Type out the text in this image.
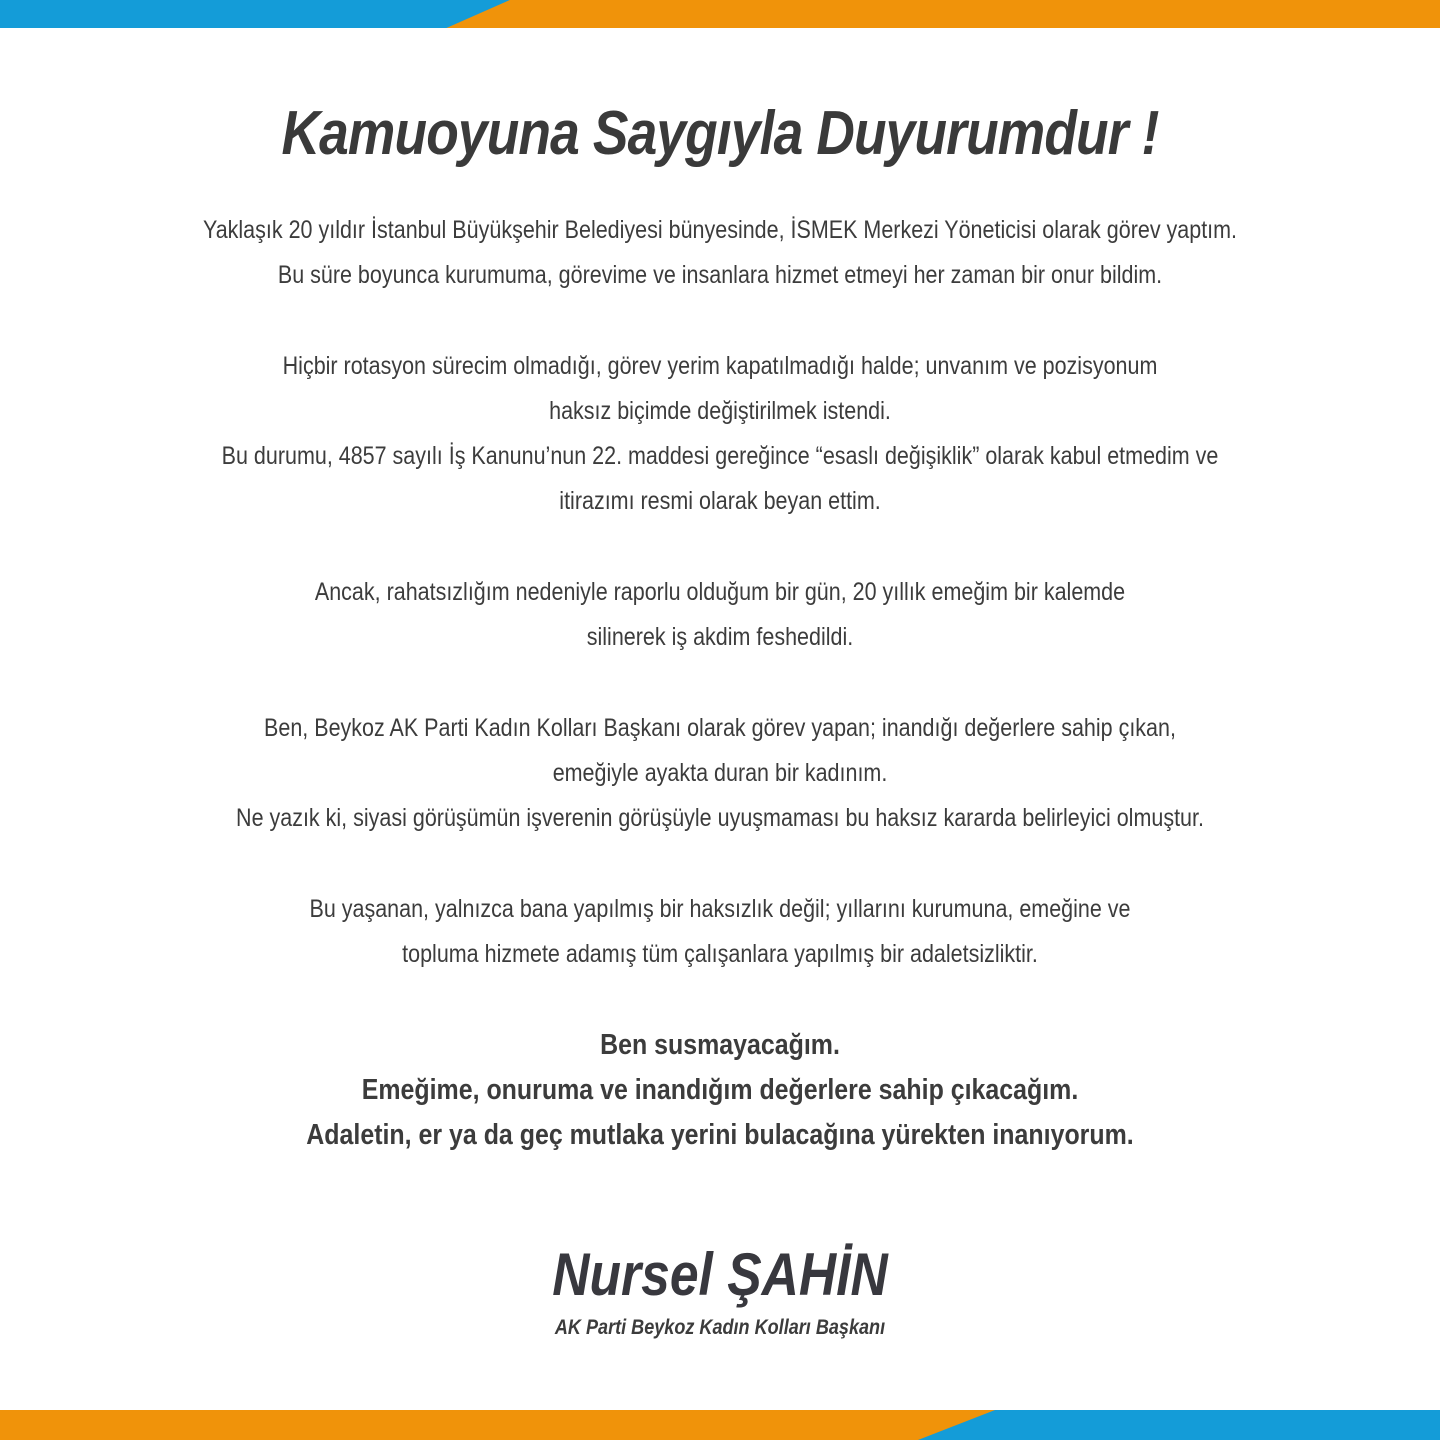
Kamuoyuna Saygıyla Duyurumdur !

Yaklaşık 20 yıldır İstanbul Büyükşehir Belediyesi bünyesinde, İSMEK Merkezi Yöneticisi olarak görev yaptım.

Bu süre boyunca kurumuma, görevime ve insanlara hizmet etmeyi her zaman bir onur bildim.

Hiçbir rotasyon sürecim olmadığı, görev yerim kapatılmadığı halde; unvanım ve pozisyonum

haksız biçimde değiştirilmek istendi.

Bu durumu, 4857 sayılı İş Kanunu’nun 22. maddesi gereğince “esaslı değişiklik” olarak kabul etmedim ve

itirazımı resmi olarak beyan ettim.

Ancak, rahatsızlığım nedeniyle raporlu olduğum bir gün, 20 yıllık emeğim bir kalemde

silinerek iş akdim feshedildi.

Ben, Beykoz AK Parti Kadın Kolları Başkanı olarak görev yapan; inandığı değerlere sahip çıkan,

emeğiyle ayakta duran bir kadınım.

Ne yazık ki, siyasi görüşümün işverenin görüşüyle uyuşmaması bu haksız kararda belirleyici olmuştur.

Bu yaşanan, yalnızca bana yapılmış bir haksızlık değil; yıllarını kurumuna, emeğine ve

topluma hizmete adamış tüm çalışanlara yapılmış bir adaletsizliktir.

Ben susmayacağım.

Emeğime, onuruma ve inandığım değerlere sahip çıkacağım.

Adaletin, er ya da geç mutlaka yerini bulacağına yürekten inanıyorum.

Nursel ŞAHİN
AK Parti Beykoz Kadın Kolları Başkanı
